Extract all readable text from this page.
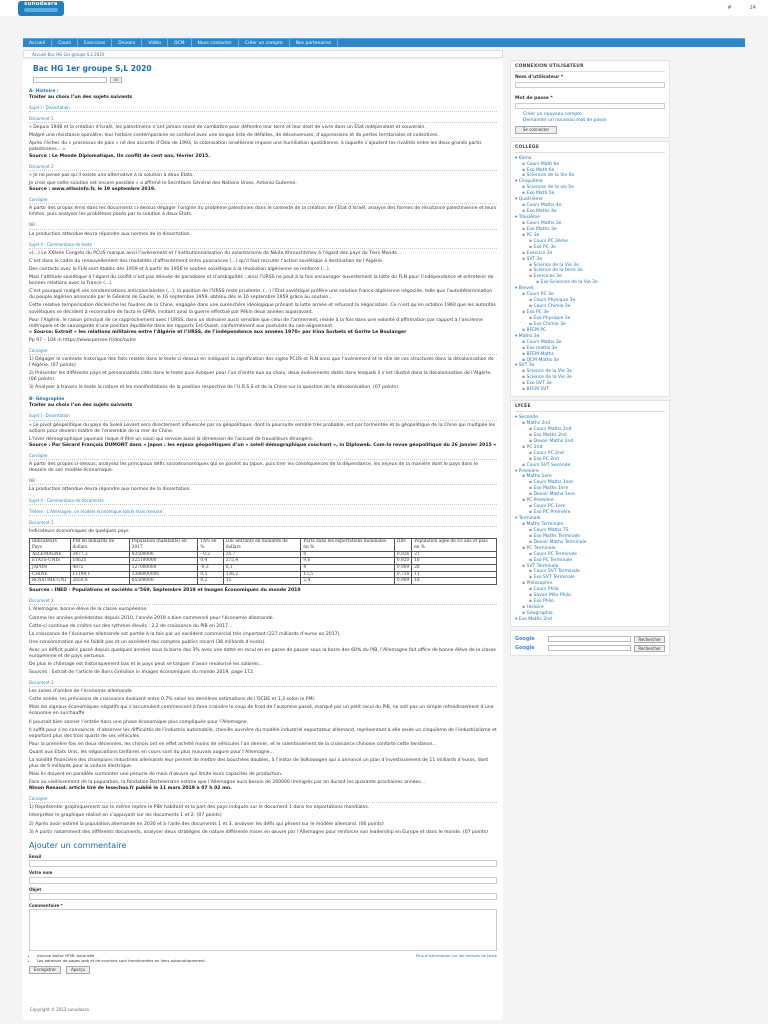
sunudaara
#	24
Accueil	Cours	Exercices	Devoirs	Vidéo	QCM	Nous contacter	Créer un compte	Nos partenaires
Accueil Bac HG 1er groupe S.L 2020
Bac HG 1er groupe S,L 2020
OK
A- Histoire :
Traiter au choix l’un des sujets suivants
Sujet I - Dissertation
Document 1

« Depuis 1948 et la création d’Israël, les palestiniens n’ont jamais cessé de combattre pour défendre leur terre et leur droit de vivre dans un État indépendant et souverain.

Malgré une résistance opiniâtre, leur histoire contemporaine se confond avec une longue liste de défaites, de déconvenues, d’oppressions et de pertes territoriales et collectives.

Après l’échec du « processus de paix » né des accords d’Oslo de 1993, la colonisation israélienne impose une humiliation quotidienne, à laquelle s’ajoutent les rivalités entre les deux grands partis palestiniens... »

Source : Le Monde Diplomatique, Un conflit de cent ans, février 2015.
Document 2

« Je ne pense pas qu’il existe une alternative à la solution à deux Etats.

Je crois que cette solution est encore possible » a affirmé le Secrétaire Général des Nations Unies, Antonio Guterres.

Source : www.atlasinfo.fr, le 19 septembre 2019.
Consigne

A partir des propos émis dans les documents ci-dessus dégager l’origine du problème palestinien dans le contexte de la création de l’Etat d’Israël, analyse des formes de résistance palestinienne et leurs limites, puis analyser les problèmes posés par la solution à deux Etats.

NB :

La production attendue devra répondre aux normes de la dissertation.

Sujet II - Commentaire de texte

«(...) Le XXème Congrès du PCUS marque ainsi l’avènement et l’institutionnalisation du volontarisme de Nikita Khrouchtchev à l’égard des pays du Tiers Monde...

C’est dans le cadre du renouvellement des modalités d’affrontement entre puissances (...) qu’il faut recruter l’action soviétique à destination de l’Algérie.

Des contacts avec le FLN sont établis dès 1959 et à partir de 1956 le soutien soviétique à la révolution algérienne se renforce (...).

Mais l’attitude soviétique à l’égard du conflit n’est pas dénuée de paradoxes et d’ambiguïtés ; ainsi l’URSS ne peut à la fois encourager ouvertement la lutte du FLN pour l’indépendance et entretenir de bonnes relations avec la France (...).

C’est pourquoi malgré ses condamnations anticolonialistes (...), la position de l’URSS reste prudente. (...) l’État soviétique préfère une solution franco-algérienne négociée, telle que l’autodétermination du peuple algérien annoncée par le Général de Gaulle, le 16 septembre 1959, obtenu dès le 16 septembre 1959 grâce au soutien...

Cette relative temporisation déclenche les foudres de la Chine, engagée dans une surenchère idéologique prônant la lutte armée et refusant la négociation. Ce n’est qu’en octobre 1960 que les autorités soviétiques se décident à reconnaître de facto le GPRA, incitant ainsi la guerre effectué par Pékin deux années auparavant.

Pour l’Algérie, le raison principal de ce rapprochement avec l’URSS, dans un domaine aussi sensible que celui de l’armement, réside à la fois dans une volonté d’affirmation par rapport à l’ancienne métropole et de sauvegarde d’une position équilibrée dans les rapports Est-Ouest, conformément aux postulats du non-alignement.

« Source: Extrait « les relations militaires entre l’Algérie et l’URSS, de l’indépendance aux années 1970» par Irina Sorbets et Gorite Le Boulanger

Pp 97 – 104 in https://www.persee.fr/doc/outre

Consigne

1) Dégager le contexte historique des faits relatés dans le texte ci-dessus en indiquant la signification des sigles PCUS et FLN ainsi que l’avènement et le rôle de ces structures dans la décolonisation de l’Algérie. (07 points)

2) Présenter les différents pays et personnalités cités dans le texte puis évoquer pour l’un d’entre eux au choix, deux événements datés dans lesquels il s’est illustré dans la décolonisation de l’Algérie. (06 points)

3) Analyser à travers le texte la nature et les manifestations de la position respective de l’U.R.S.S et de la Chine sur la question de la décolonisation. (07 points)

B- Géographie
Traiter au choix l’un des sujets suivants
Sujet I - Dissertation

« Le pivot géopolitique du pays du Soleil Levant sera directement influencée par sa géopolitique, dont la poursuite semble très probable, est par tormentée et la géopolitique de la Chine qui multiplie les actions pour devenir maître de l’ensemble de la mer de Chine.

L’hiver démographique japonais risque d’être un souci qui renvoie aussi la dimension de l’accueil de travailleurs étrangers.

Source : Par Gérard François DUMONT dans « Japon : les enjeux géopolitiques d’un « soleil démographique couchant », in Diploweb. Com-la revue géopolitique du 26 janvier 2015 »
Consigne

A partir des propos ci-dessus, analysez les principaux défis socioéconomiques qui se posent au Japon, puis tirer les conséquences de la dépendance, les enjeux de la manière dont le pays dans le dessein de son modèle économique.

NB :

La production attendue devra répondre aux normes de la dissertation.

Sujet II - Commentaire de documents
Thème : L’Allemagne, un modèle économique solide mais menacé
Document 1

Indicateurs économiques de quelques pays

Indicateurs Pays	PIB en milliards de dollars	Population (habitants) en 2017	TAN en %	IDE entrants en milliards de dollars	Parts dans les exportations mondiales en %	IDH	Population âgée de 65 ans et plus en %
ALLEMAGNE	3477,3	83500000	- 0,2	35,7	8	0,926	21
ÉTATS-UNIS	18625	325100000	0,4	275,4	9,6	0,920	16
JAPON	4872	127000000	-0,3	6,1	4	0,909	28
CHINE	11199,1	1386000000	0,5	136,2	13,5	0,738	11
ROYAUME-UNI	2650,8	65500000	0,2	15	2,4	0,909	18
Sources : INED - Populations et sociétés n°569, Septembre 2019 et Images Économiques du monde 2019
Document 2

L’Allemagne, bonne élève de la classe européenne.

Comme les années précédentes depuis 2010, l’année 2019 a bien commencé pour l’économie allemande.

Cette-ci continue de croître sur des rythmes élevés : 2,2 de croissance du PIB en 2017...

La croissance de l’économie allemande est portée à la fois par un excédent commercial très important (227 milliards d’euros en 2017).

Une consommation qui ne faiblit pas et un excédent des comptes publics record (38 milliards d’euros).

Avec un déficit public passé depuis quelques années sous la barre des 3% avec une dette en recul en en passe de passer sous la barre des 60% du PIB, l’Allemagne fait office de bonne élève de la classe européenne et de pays vertueux.

De plus le chômage est historiquement bas et le pays peut se targuer d’avoir revalorisé les salaires...

Sources : Extrait de l’article de Boris Grésillon in Images économiques du monde 2019, page 172.

Document 3

Les zones d’ombre de l’économie allemande.

Cette année, les prévisions de croissance évoluent entre 0.7% selon les dernières estimations de l’OCDE et 1,3 selon le FMI.

Mais les signaux économiques négatifs qui s’accumulent commencent à faire craindre le coup de froid de l’automne passé, marqué par un petit recul du PIB, ne soit pas un simple refroidissement d’une économie en surchauffe.

Il pourrait bien sonner l’entrée dans une phase économique plus compliquée pour l’Allemagne.

Il suffit pour s’en convaincre, d’observer les difficultés de l’industrie automobile, cheville ouvrière du modèle industriel exportateur allemand, représentant à elle seule un cinquième de l’industrialisme et exportant plus des trois quarts de ses véhicules.

Pour la première fois en deux décennies, les chinois ont en effet acheté moins de véhicules l’an dernier, et le ralentissement de la croissance chinoise conforte cette tendance...

Quant aux Etats Unis, les négociations tarifaires en cours sont du plus mauvais augure pour l’Allemagne...

La solidité financière des champions industriels allemands leur permet de mettre des bouchées doubles, à l’instar de Volkswagen qui a annoncé un plan d’investissement de 11 milliards d’euros, dont plus de 9 milliards pour la voiture électrique.

Mais ils doivent en parallèle surmonter une pénurie de main d’œuvre qui limite leurs capacités de production.

Face au vieillissement de la population, la fondation Bertelsmann estime que l’Allemagne aura besoin de 260000 immigrés par an durant les quarante prochaines années...

Ninon Renaud: article tiré de lesechos.fr publié le 11 mars 2019 à 07 h 02 mn.
Consigne

1) Représenter graphiquement sur le même repère le PIB/ habitant et la part des pays indiqués sur le document 1 dans les exportations mondiales.

Interpréter le graphique réalisé en s’appuyant sur les documents 1 et 2. (07 points)

2) Après avoir estimé la population allemande en 2030 et à l’aide des documents 1 et 3, analyser les défis qui pèsent sur le modèle allemand. (06 points)

3) A partir notamment des différents documents, analyser deux stratégies de nature différente mises en œuvre par l’Allemagne pour renforcer son leadership en Europe et dans le monde. (07 points)

Ajouter un commentaire
Email
Votre nom
Objet
Commentaire *
• Aucune balise HTML autorisée
• Les adresses de pages web et de courriels sont transformées en liens automatiquement.
Plus d’information sur les formats de texte
Enregistrer	Aperçu
CONNEXION UTILISATEUR
Nom d’utilisateur *
Mot de passe *
Créer un nouveau compte
Demander un nouveau mot de passe
Se connecter
COLLÈGE
▾ 6ème
▪ Cours Math 6e
▪ Exo Math 6e
▪ Sciences de la Vie 6e
▾ Cinquième
▪ Sciences de la vie 5e
▪ Exo Math 5e
▾ Quatrième
▪ Cours Maths 4e
▪ Exo Maths 4e
▾ Troisième
▪ Cours Maths 3e
▪ Exo Maths 3e
▪ PC 3e
▪ Cours PC 3ème
▪ Exo PC 3e
▪ Exercice 3e
▪ SVT 3e
▪ Science de la Vie 3e
▪ Science de la terre 3e
▪ Exercices 3e
▪ Exo Sciences de la Vie 3e
▾ Brevet
▪ Cours PC 3e
▪ Cours Physique 3e
▪ Cours Chimie 3e
▪ Exo PC 3e
▪ Exo Physique 3e
▪ Exo Chimie 3e
▪ BFEM PC
▾ Maths 3e
▪ Cours Maths 3e
▪ Exo maths 3e
▪ BFEM Maths
▪ QCM Maths 3e
▾ SVT 3e
▪ Science de la Vie 3e
▪ Science de la Vie 3e
▪ Exo SVT 3e
▪ BFEM SVT
LYCÉE
▾ Seconde
▪ Maths 2nd
▪ Cours Maths 2nd
▪ Exo Maths 2nd
▪ Devoir Maths 2nd
▪ PC 2nd
▪ Cours PC 2nd
▪ Exo PC 2nd
▪ Cours SVT Seconde
▾ Première
▪ Maths 1ere
▪ Cours Maths 1ere
▪ Exo Maths 1ere
▪ Devoir Maths 1ere
▪ PC Première
▪ Cours PC 1ere
▪ Exo PC Première
▾ Terminale
▪ Maths Terminale
▪ Cours Maths TS
▪ Exo Maths Terminale
▪ Devoir Maths Terminale
▪ PC Terminale
▪ Cours PC Terminale
▪ Exo PC Terminale
▪ SVT Terminale
▪ Cours SVT Terminale
▪ Exo SVT Terminale
▪ Philosophie
▪ Cours Philo
▪ Savoir Méo Philo
▪ Exo Philo
▪ Histoire
▪ Géographie
▾ Exo Maths 2nd
Google	Rechercher
Google	Rechercher
Copyright © 2013 sunudaara
